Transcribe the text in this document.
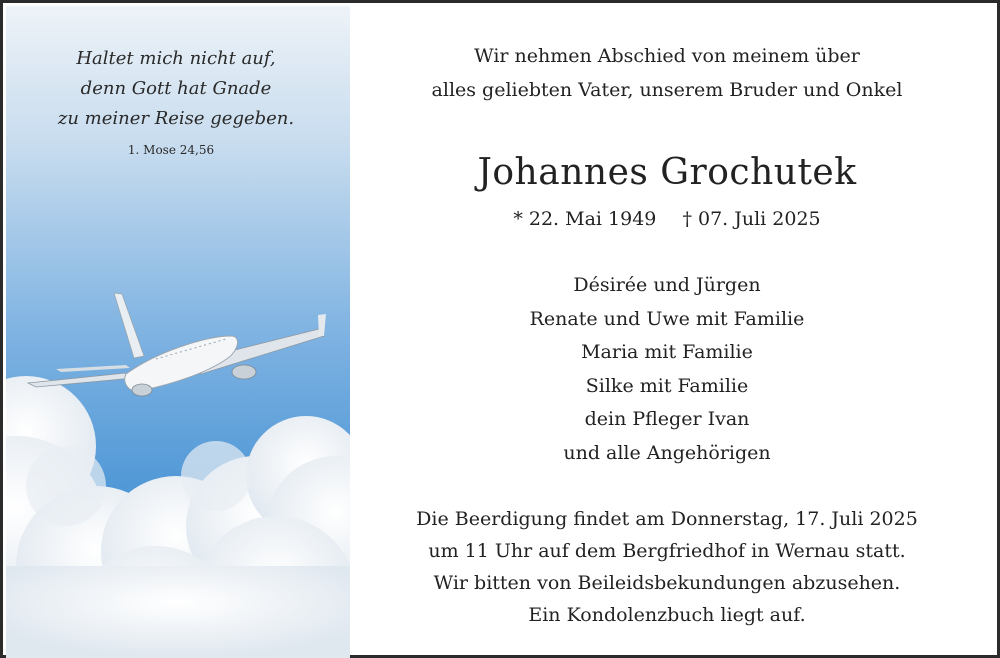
Haltet mich nicht auf,
denn Gott hat Gnade
zu meiner Reise gegeben.
1. Mose 24,56
Wir nehmen Abschied von meinem über
alles geliebten Vater, unserem Bruder und Onkel
Johannes Grochutek
* 22. Mai 1949 † 07. Juli 2025
Désirée und Jürgen
Renate und Uwe mit Familie
Maria mit Familie
Silke mit Familie
dein Pfleger Ivan
und alle Angehörigen
Die Beerdigung findet am Donnerstag, 17. Juli 2025
um 11 Uhr auf dem Bergfriedhof in Wernau statt.
Wir bitten von Beileidsbekundungen abzusehen.
Ein Kondolenzbuch liegt auf.
